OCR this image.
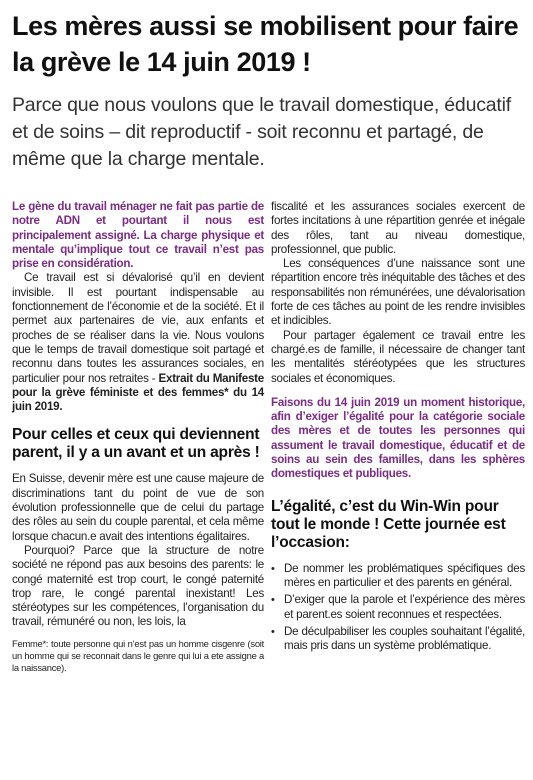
Les mères aussi se mobilisent pour faire la grève le 14 juin 2019 !
Parce que nous voulons que le travail domestique, éducatif et de soins – dit reproductif - soit reconnu et partagé, de même que la charge mentale.

Le gène du travail ménager ne fait pas partie de notre ADN et pourtant il nous est principalement assigné. La charge physique et mentale qu’implique tout ce travail n’est pas prise en considération.

Ce travail est si dévalorisé qu’il en devient invisible. Il est pourtant indispensable au fonctionnement de l’économie et de la société. Et il permet aux partenaires de vie, aux enfants et proches de se réaliser dans la vie. Nous voulons que le temps de travail domestique soit partagé et reconnu dans toutes les assurances sociales, en particulier pour nos retraites - Extrait du Manifeste pour la grève féministe et des femmes* du 14 juin 2019.

Pour celles et ceux qui deviennent parent, il y a un avant et un après !

En Suisse, devenir mère est une cause majeure de discriminations tant du point de vue de son évolution professionnelle que de celui du partage des rôles au sein du couple parental, et cela même lorsque chacun.e avait des intentions égalitaires.

Pourquoi? Parce que la structure de notre société ne répond pas aux besoins des parents: le congé maternité est trop court, le congé paternité trop rare, le congé parental inexistant! Les stéréotypes sur les compétences, l’organisation du travail, rémunéré ou non, les lois, la

Femme*: toute personne qui n’est pas un homme cisgenre (soit un homme qui se reconnait dans le genre qui lui a ete assigne a la naissance).

fiscalité et les assurances sociales exercent de fortes incitations à une répartition genrée et inégale des rôles, tant au niveau domestique, professionnel, que public.

Les conséquences d’une naissance sont une répartition encore très inéquitable des tâches et des responsabilités non rémunérées, une dévalorisation forte de ces tâches au point de les rendre invisibles et indicibles.

Pour partager également ce travail entre les chargé.es de famille, il nécessaire de changer tant les mentalités stéréotypées que les structures sociales et économiques.

Faisons du 14 juin 2019 un moment historique, afin d’exiger l’égalité pour la catégorie sociale des mères et de toutes les personnes qui assument le travail domestique, éducatif et de soins au sein des familles, dans les sphères domestiques et publiques.

L’égalité, c’est du Win-Win pour tout le monde ! Cette journée est l’occasion:
• De nommer les problématiques spécifiques des mères en particulier et des parents en général.
• D’exiger que la parole et l’expérience des mères et parent.es soient reconnues et respectées.
• De déculpabiliser les couples souhaitant l’égalité, mais pris dans un système problématique.
